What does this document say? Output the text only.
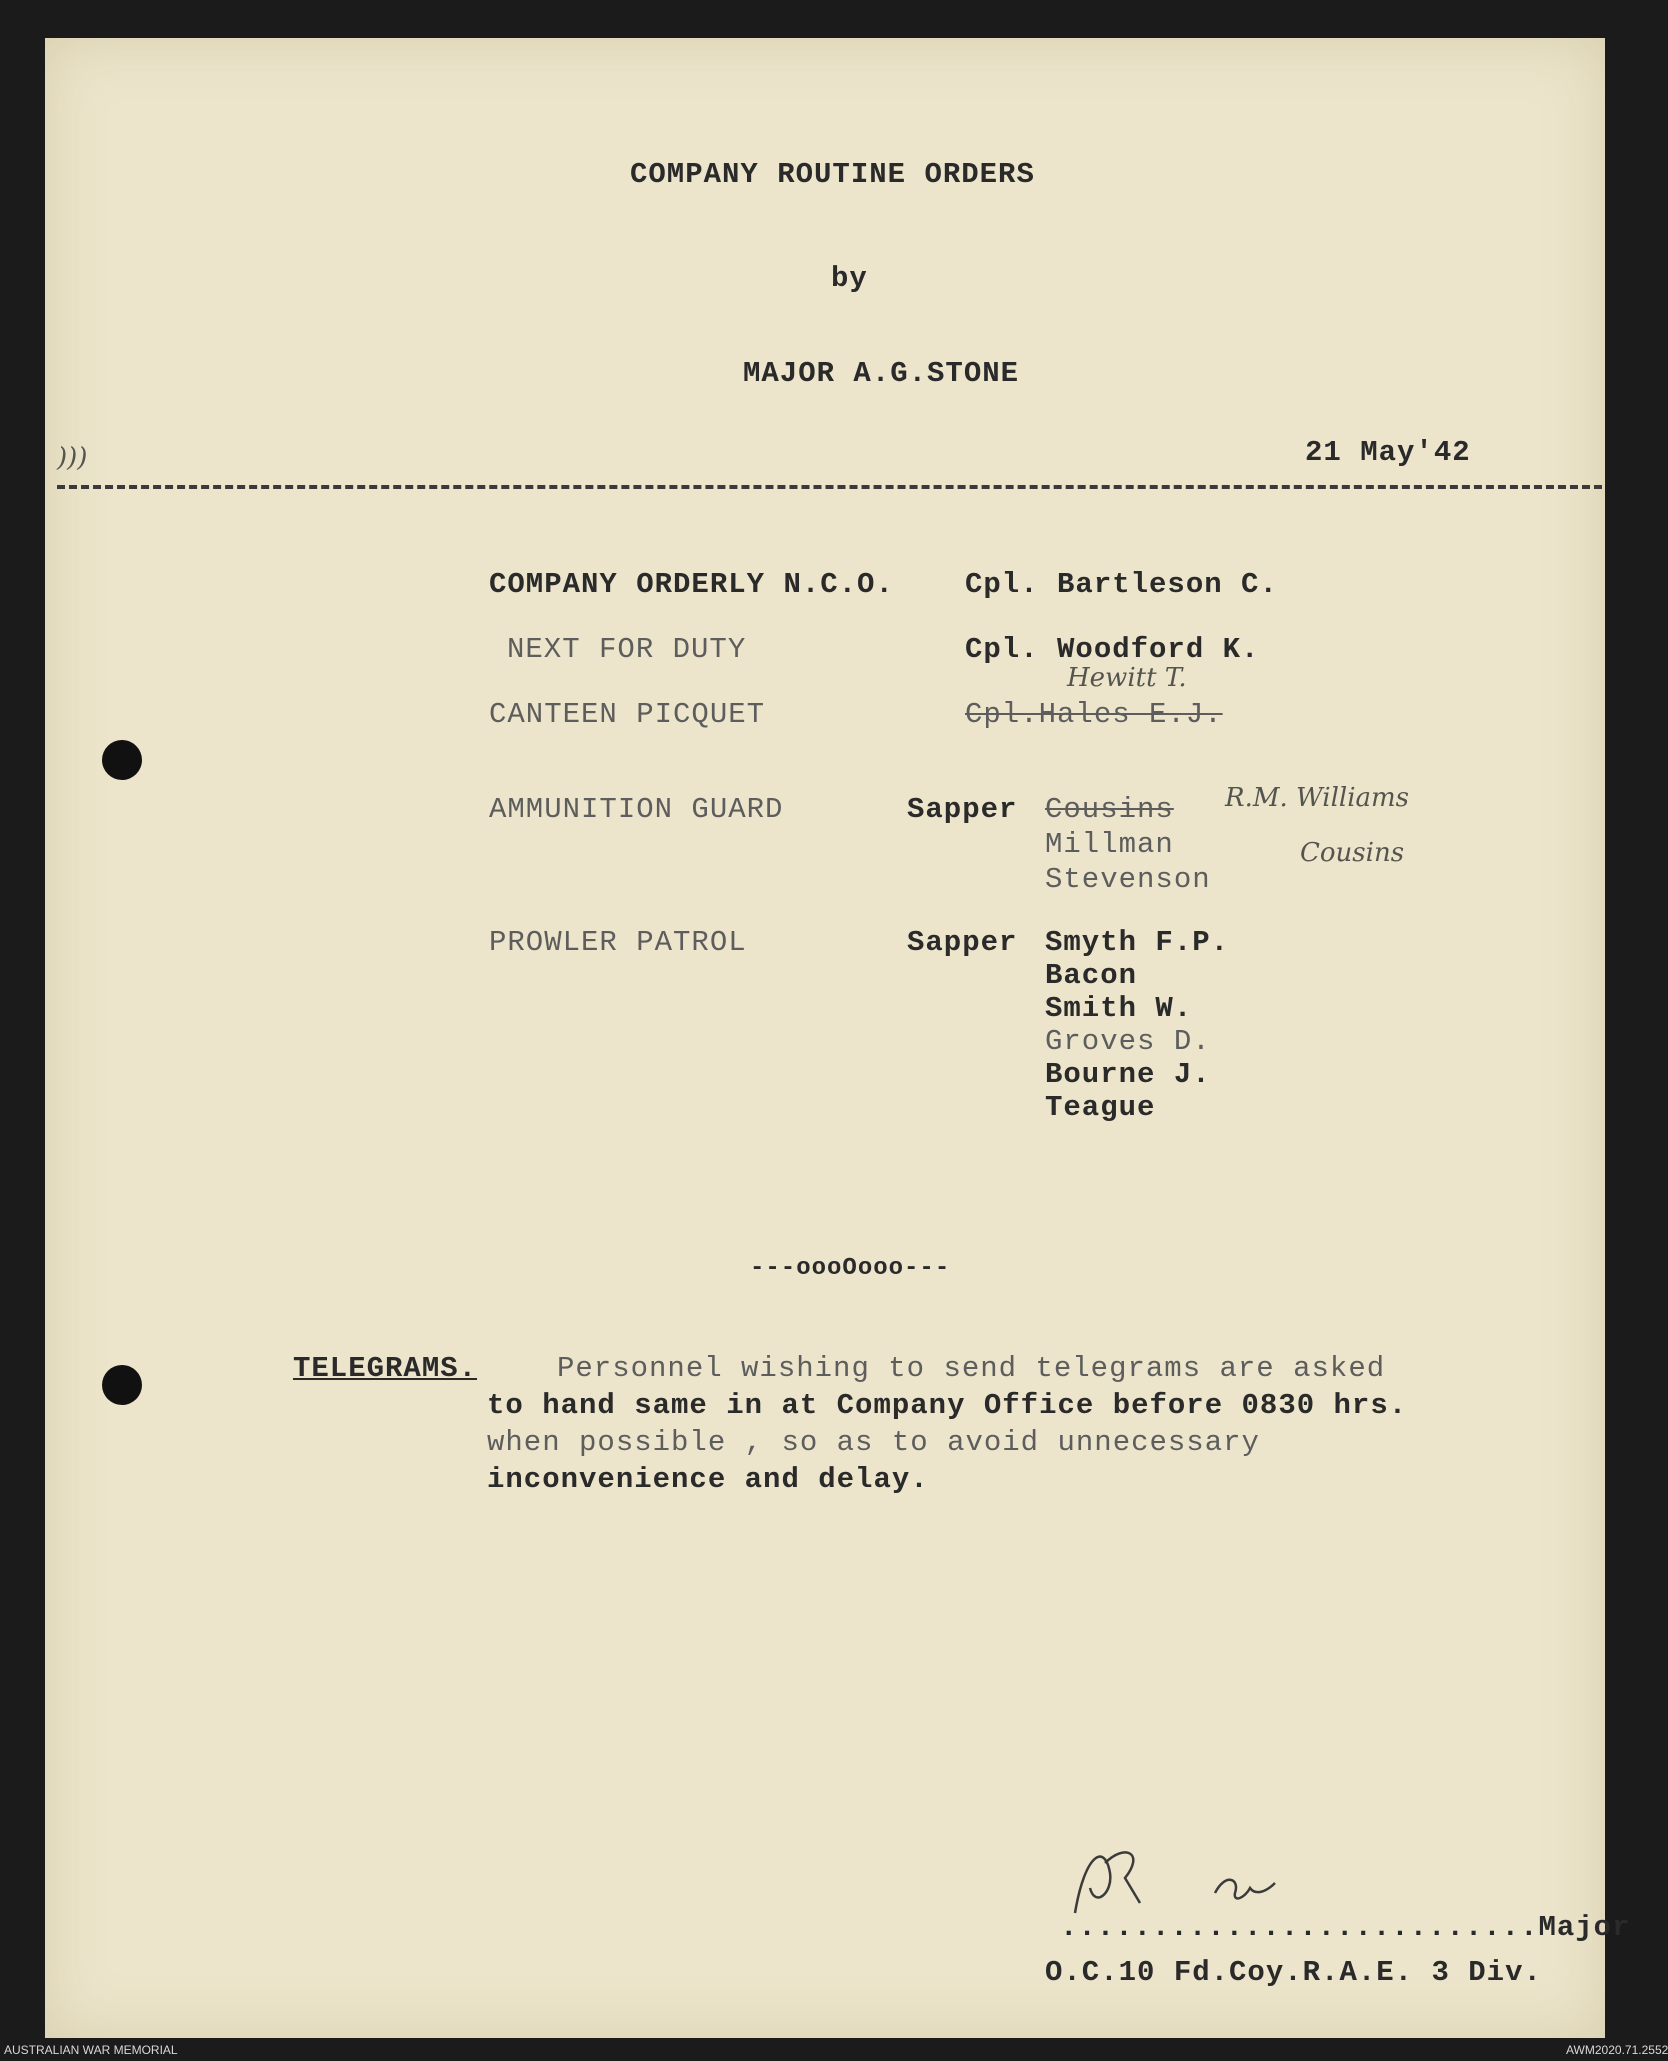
COMPANY ROUTINE ORDERS
by
MAJOR A.G.STONE
)))	21 May'42
COMPANY ORDERLY N.C.O. Cpl. Bartleson C.
NEXT FOR DUTY	Cpl. Woodford K.
Hewitt T.
CANTEEN PICQUET	Cpl.Hales E.J.
AMMUNITION GUARD	Sapper Cousins
Millman
Stevenson
R.M. Williams
Cousins
PROWLER PATROL	Sapper Smyth F.P.
Bacon
Smith W.
Groves D.
Bourne J.
Teague
---oooOooo---
TELEGRAMS.	Personnel wishing to send telegrams are asked
to hand same in at Company Office before 0830 hrs.
when possible , so as to avoid unnecessary
inconvenience and delay.
..........................Major
O.C.10 Fd.Coy.R.A.E. 3 Div.
AUSTRALIAN WAR MEMORIAL	AWM2020.71.2552
